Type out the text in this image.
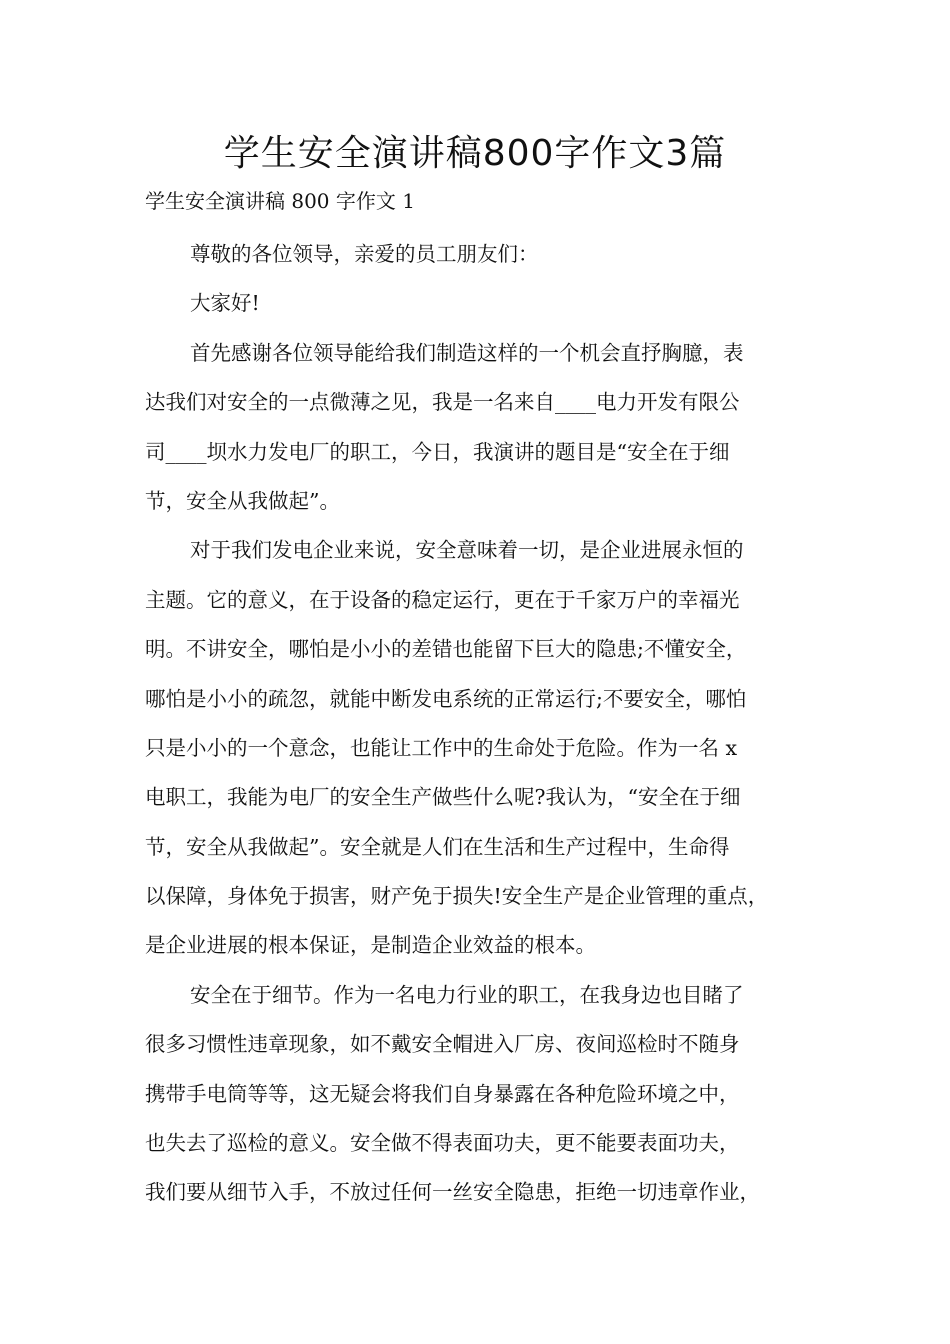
学生安全演讲稿800字作文3篇

学生安全演讲稿 800 字作文 1

尊敬的各位领导，亲爱的员工朋友们：
大家好!
首先感谢各位领导能给我们制造这样的一个机会直抒胸臆，表
达我们对安全的一点微薄之见，我是一名来自____电力开发有限公
司____坝水力发电厂的职工，今日，我演讲的题目是“安全在于细
节，安全从我做起”。
对于我们发电企业来说，安全意味着一切，是企业进展永恒的
主题。它的意义，在于设备的稳定运行，更在于千家万户的幸福光
明。不讲安全，哪怕是小小的差错也能留下巨大的隐患;不懂安全，
哪怕是小小的疏忽，就能中断发电系统的正常运行;不要安全，哪怕
只是小小的一个意念，也能让工作中的生命处于危险。作为一名 x
电职工，我能为电厂的安全生产做些什么呢?我认为，“安全在于细
节，安全从我做起”。安全就是人们在生活和生产过程中，生命得
以保障，身体免于损害，财产免于损失!安全生产是企业管理的重点，
是企业进展的根本保证，是制造企业效益的根本。
安全在于细节。作为一名电力行业的职工，在我身边也目睹了
很多习惯性违章现象，如不戴安全帽进入厂房、夜间巡检时不随身
携带手电筒等等，这无疑会将我们自身暴露在各种危险环境之中，
也失去了巡检的意义。安全做不得表面功夫，更不能要表面功夫，
我们要从细节入手，不放过任何一丝安全隐患，拒绝一切违章作业，
